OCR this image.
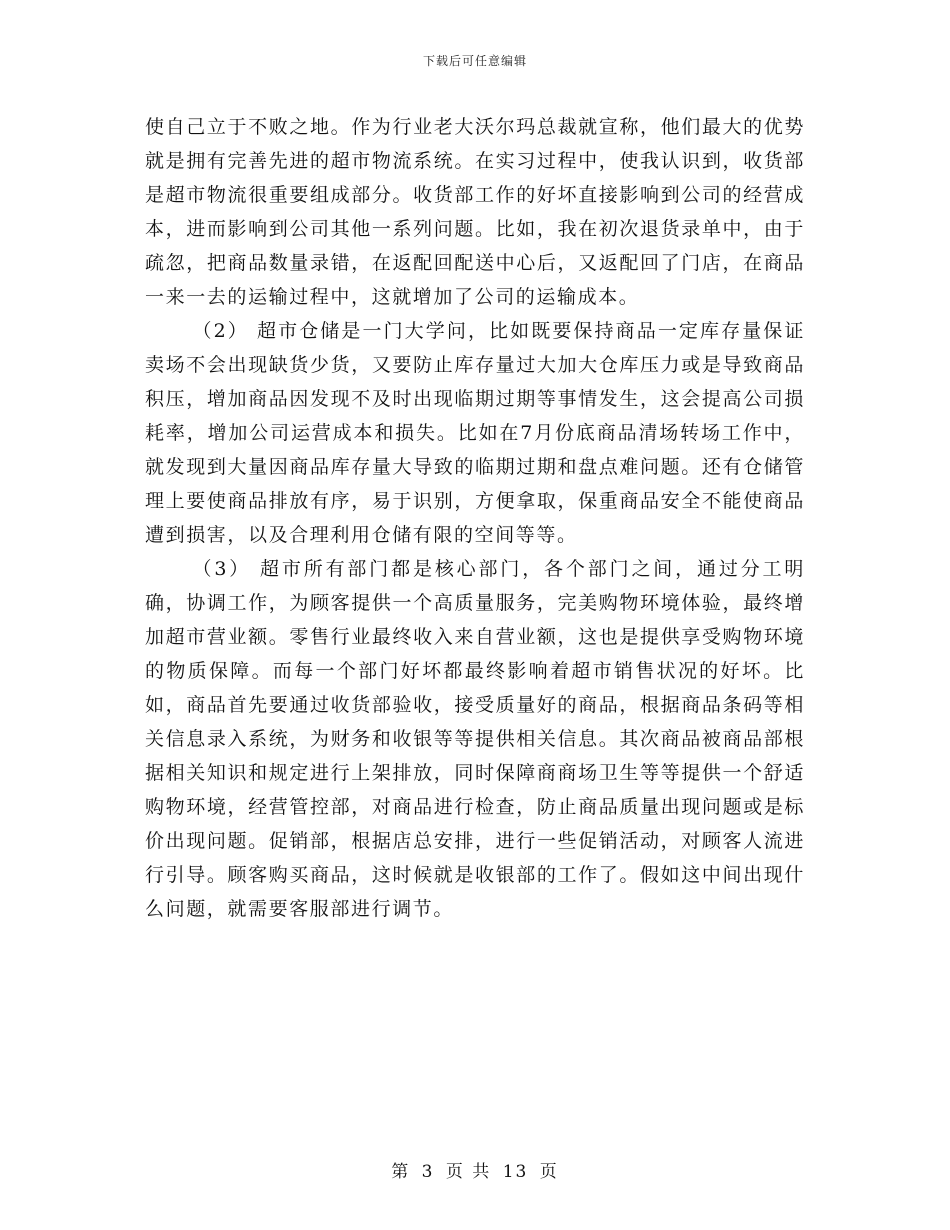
下载后可任意编辑

使自己立于不败之地。作为行业老大沃尔玛总裁就宣称，他们最大的优势就是拥有完善先进的超市物流系统。在实习过程中，使我认识到，收货部是超市物流很重要组成部分。收货部工作的好坏直接影响到公司的经营成本，进而影响到公司其他一系列问题。比如，我在初次退货录单中，由于疏忽，把商品数量录错，在返配回配送中心后，又返配回了门店，在商品一来一去的运输过程中，这就增加了公司的运输成本。

（2） 超市仓储是一门大学问，比如既要保持商品一定库存量保证卖场不会出现缺货少货，又要防止库存量过大加大仓库压力或是导致商品积压，增加商品因发现不及时出现临期过期等事情发生，这会提高公司损耗率，增加公司运营成本和损失。比如在7月份底商品清场转场工作中，就发现到大量因商品库存量大导致的临期过期和盘点难问题。还有仓储管理上要使商品排放有序，易于识别，方便拿取，保重商品安全不能使商品遭到损害，以及合理利用仓储有限的空间等等。

（3） 超市所有部门都是核心部门，各个部门之间，通过分工明确，协调工作，为顾客提供一个高质量服务，完美购物环境体验，最终增加超市营业额。零售行业最终收入来自营业额，这也是提供享受购物环境的物质保障。而每一个部门好坏都最终影响着超市销售状况的好坏。比如，商品首先要通过收货部验收，接受质量好的商品，根据商品条码等相关信息录入系统，为财务和收银等等提供相关信息。其次商品被商品部根据相关知识和规定进行上架排放，同时保障商商场卫生等等提供一个舒适购物环境，经营管控部，对商品进行检查，防止商品质量出现问题或是标价出现问题。促销部，根据店总安排，进行一些促销活动，对顾客人流进行引导。顾客购买商品，这时候就是收银部的工作了。假如这中间出现什么问题，就需要客服部进行调节。

第 3 页 共 13 页
